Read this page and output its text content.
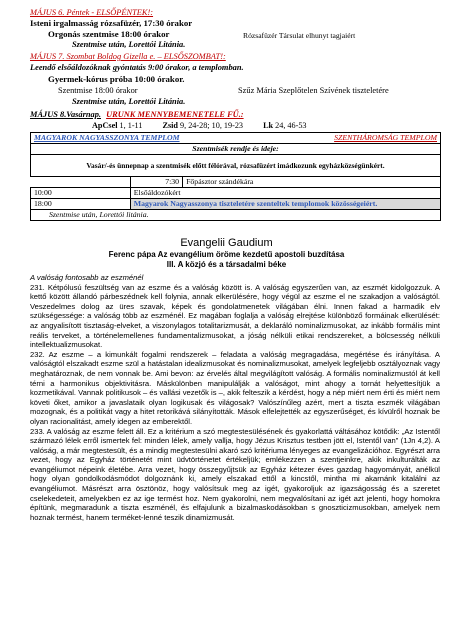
MÁJUS 6. Péntek - ELSŐPÉNTEK!:
Isteni irgalmasság rózsafüzér, 17:30 órakor
Orgonás szentmise 18:00 órakor	Rózsafüzér Társulat elhunyt tagjaiért
Szentmise után, Lorettói Litánia.
MÁJUS 7. Szombat Boldog Gizella e. – ELSŐSZOMBAT!:
Leendő elsőáldozóknak gyóntatás 9:00 órakor, a templomban.
Gyermek-kórus próba 10:00 órakor.
Szentmise 18:00 órakor	Szűz Mária Szeplőtelen Szívének tiszteletére
Szentmise után, Lorettói Litánia.
MÁJUS 8.Vasárnap. URUNK MENNYBEMENETELE FŰ.:
ApCsel 1, 1-11 Zsid 9, 24-28; 10, 19-23 Lk 24, 46-53
MAGYAROK NAGYASSZONYA TEMPLOM		SZENTHÁROMSÁG TEMPLOM
Szentmisék rendje és ideje:		
Vasár/-és ünnepnap a szentmisék előtt félórával, rózsafüzért imádkozunk egyházközségünkért.		
	7:30	Főpásztor szándékára
10:00	Elsőáldozókért	
18:00	Magyarok Nagyasszonya tiszteletére szenteltek templomok közösségeiért.	
Szentmise után, Lorettói litánia.		
Evangelii Gaudium
Ferenc pápa Az evangélium öröme kezdetű apostoli buzdítása
III. A közjó és a társadalmi béke

A valóság fontosabb az eszménél

231. Kétpólusú feszültség van az eszme és a valóság között is. A valóság egyszerűen van, az eszmét kidolgozzuk. A kettő között állandó párbeszédnek kell folynia, annak elkerülésére, hogy végül az eszme el ne szakadjon a valóságtól. Veszedelmes dolog az üres szavak, képek és gondolatmenetek világában élni. Innen fakad a harmadik elv szükségessége: a valóság több az eszménél. Ez magában foglalja a valóság elrejtése különböző formáinak elkerülését: az angyalisított tisztaság-elveket, a viszonylagos totalitarizmusát, a deklaráló nominalizmusokat, az inkább formális mint reális terveket, a történelemellenes fundamentalizmusokat, a jóság nélküli etikai rendszereket, a bölcsesség nélküli intellektualizmusokat.

232. Az eszme – a kimunkált fogalmi rendszerek – feladata a valóság megragadása, megértése és irányítása. A valóságtól elszakadt eszme szül a hatástalan idealizmusokat és nominalizmusokat, amelyek legfeljebb osztályoznak vagy meghatároznak, de nem vonnak be. Ami bevon: az érvelés által megvilágított valóság. A formális nominalizmustól át kell térni a harmonikus objektivitásra. Máskülönben manipulálják a valóságot, mint ahogy a tornát helyettesítjük a kozmetikával. Vannak politikusok – és vallási vezetők is –, akik felteszik a kérdést, hogy a nép miért nem érti és miért nem követi őket, amikor a javaslataik olyan logikusak és világosak? Valószínűleg azért, mert a tiszta eszmék világában mozognak, és a politikát vagy a hitet retorikává silányították. Mások elfelejtették az egyszerűséget, és kívülről hoznak be olyan racionalitást, amely idegen az emberektől.

233. A valóság az eszme felett áll. Ez a kritérium a szó megtestesülésének és gyakorlattá váltásához kötődik: „Az Istentől származó lélek erről ismertek fel: minden lélek, amely vallja, hogy Jézus Krisztus testben jött el, Istentől van” (1Jn 4,2). A valóság, a már megtestesült, és a mindig megtestesülni akaró szó kritériuma lényeges az evangelizációhoz. Egyrészt arra vezet, hogy az Egyház történetét mint üdvtörténetet értékeljük; emlékezzen a szentjeinkre, akik inkulturálták az evangéliumot népeink életébe. Arra vezet, hogy összegyűjtsük az Egyház kétezer éves gazdag hagyományát, anélkül hogy olyan gondolkodásmódot dolgoznánk ki, amely elszakad ettől a kincstől, mintha mi akarnánk kitalálni az evangéliumot. Másrészt arra ösztönöz, hogy valósítsuk meg az igét, gyakoroljuk az igazságosság és a szeretet cselekedeteit, amelyekben ez az ige termést hoz. Nem gyakorolni, nem megvalósítani az igét azt jelenti, hogy homokra építünk, megmaradunk a tiszta eszménél, és elfajulunk a bizalmaskodásokban s gnoszticizmusokban, amelyek nem hoznak termést, hanem terméket-lenné teszik dinamizmusát.
